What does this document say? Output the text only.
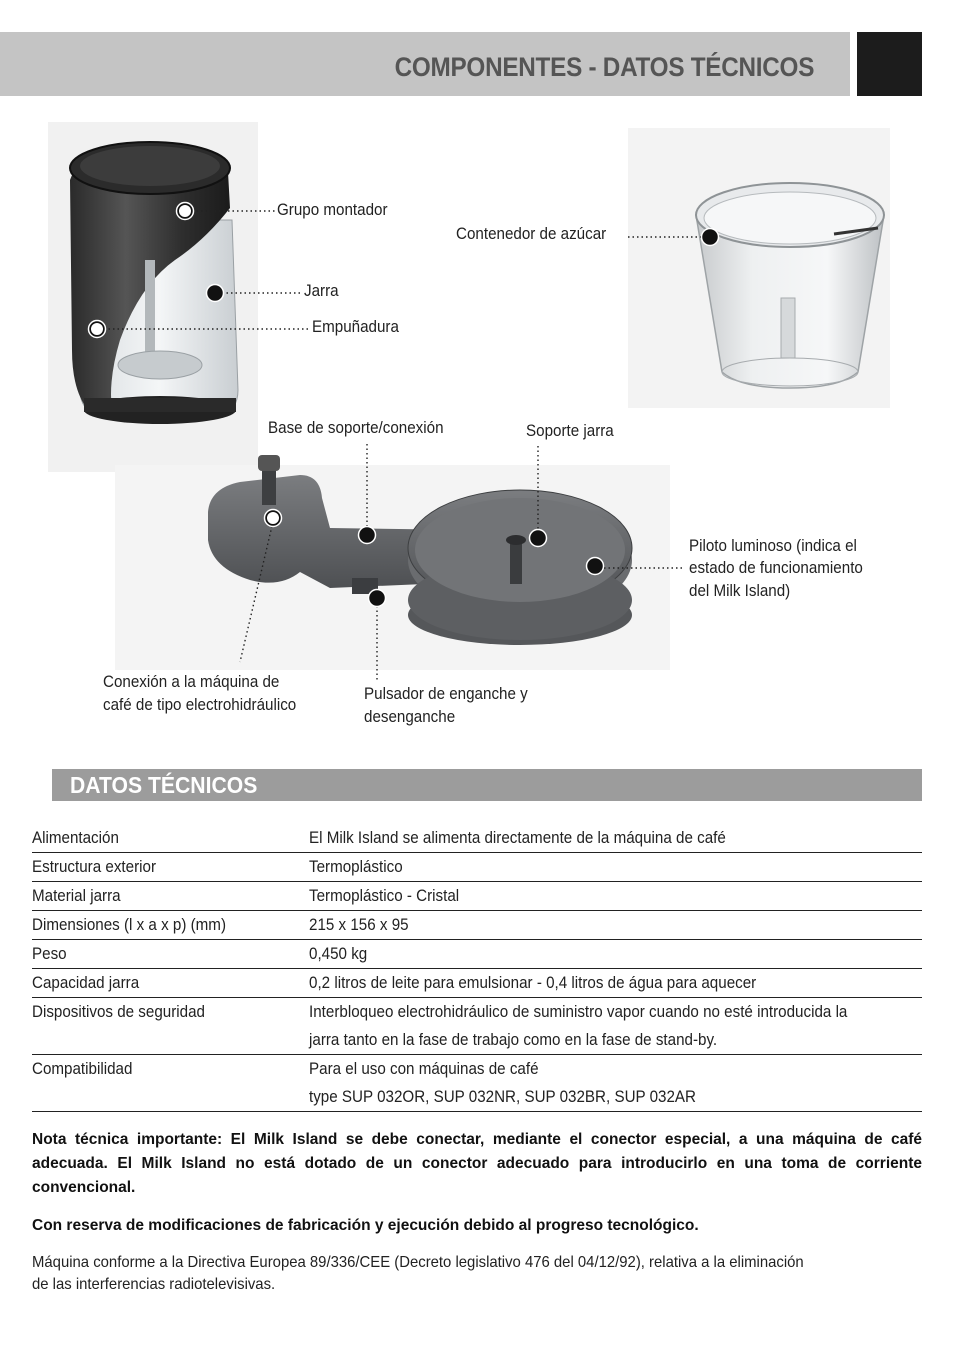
COMPONENTES - DATOS TÉCNICOS
Grupo montador
Jarra
Empuñadura
Contenedor de azúcar
Base de soporte/conexión	Soporte jarra
Piloto luminoso (indica el
estado de funcionamiento
del Milk Island)
Conexión a la máquina de
café de tipo electrohidráulico
Pulsador de enganche y
desenganche
DATOS TÉCNICOS
Alimentación	El Milk Island se alimenta directamente de la máquina de café
Estructura exterior	Termoplástico
Material jarra	Termoplástico - Cristal
Dimensiones (l x a x p) (mm)	215 x 156 x 95
Peso	0,450 kg
Capacidad jarra	0,2 litros de leite para emulsionar - 0,4 litros de água para aquecer
Dispositivos de seguridad	Interbloqueo electrohidráulico de suministro vapor cuando no esté introducida la
jarra tanto en la fase de trabajo como en la fase de stand-by.
Compatibilidad	Para el uso con máquinas de café
type SUP 032OR, SUP 032NR, SUP 032BR, SUP 032AR

Nota técnica importante: El Milk Island se debe conectar, mediante el conector especial, a una máquina de café adecuada. El Milk Island no está dotado de un conector adecuado para introducirlo en una toma de corriente convencional.

Con reserva de modificaciones de fabricación y ejecución debido al progreso tecnológico.

Máquina conforme a la Directiva Europea 89/336/CEE (Decreto legislativo 476 del 04/12/92), relativa a la eliminación
de las interferencias radiotelevisivas.
